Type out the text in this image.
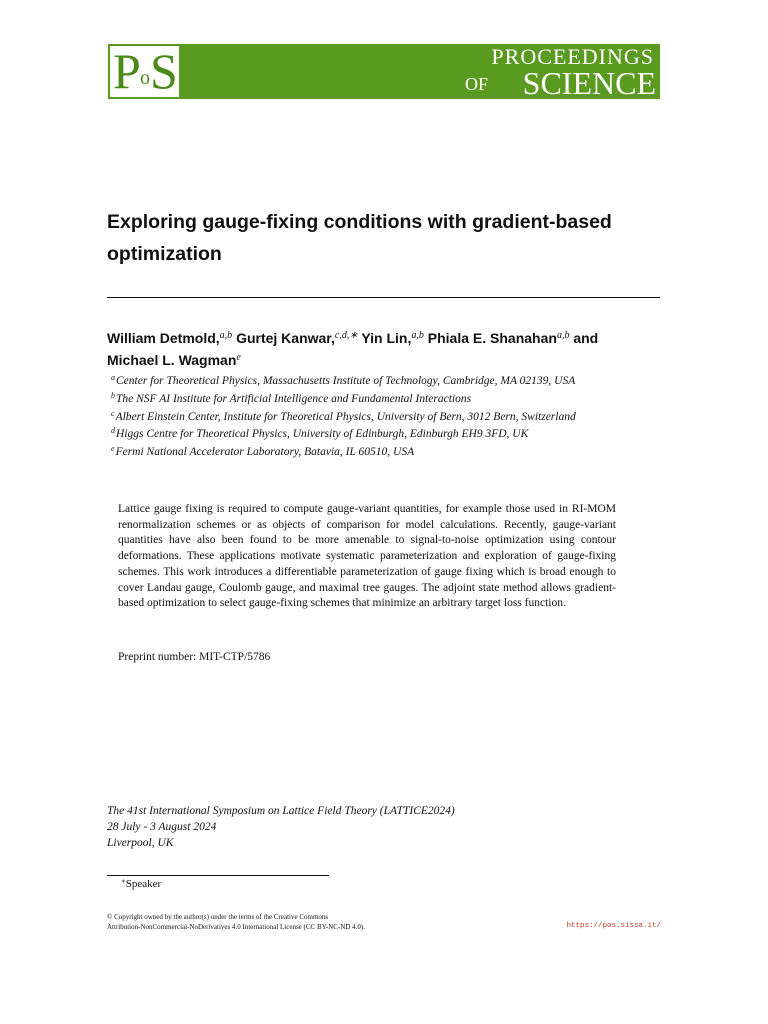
P o S	PROCEEDINGS
OF SCIENCE
Exploring gauge-fixing conditions with gradient-based optimization
William Detmold,$^{a,b}$ Gurtej Kanwar,$^{c,d,∗}$ Yin Lin,$^{a,b}$ Phiala E. Shanahan$^{a,b}$ and
Michael L. Wagman$^e$
$^a$Center for Theoretical Physics, Massachusetts Institute of Technology, Cambridge, MA 02139, USA
$^b$The NSF AI Institute for Artificial Intelligence and Fundamental Interactions
$^c$Albert Einstein Center, Institute for Theoretical Physics, University of Bern, 3012 Bern, Switzerland
$^d$Higgs Centre for Theoretical Physics, University of Edinburgh, Edinburgh EH9 3FD, UK
$^e$Fermi National Accelerator Laboratory, Batavia, IL 60510, USA

Lattice gauge fixing is required to compute gauge-variant quantities, for example those used in RI-MOM renormalization schemes or as objects of comparison for model calculations. Recently, gauge-variant quantities have also been found to be more amenable to signal-to-noise optimization using contour deformations. These applications motivate systematic parameterization and exploration of gauge-fixing schemes. This work introduces a differentiable parameterization of gauge fixing which is broad enough to cover Landau gauge, Coulomb gauge, and maximal tree gauges. The adjoint state method allows gradient-based optimization to select gauge-fixing schemes that minimize an arbitrary target loss function.

Preprint number: MIT-CTP/5786
The 41st International Symposium on Lattice Field Theory (LATTICE2024)
28 July - 3 August 2024
Liverpool, UK
∗Speaker
© Copyright owned by the author(s) under the terms of the Creative Commons
Attribution-NonCommercial-NoDerivatives 4.0 International License (CC BY-NC-ND 4.0).	https://pos.sissa.it/
